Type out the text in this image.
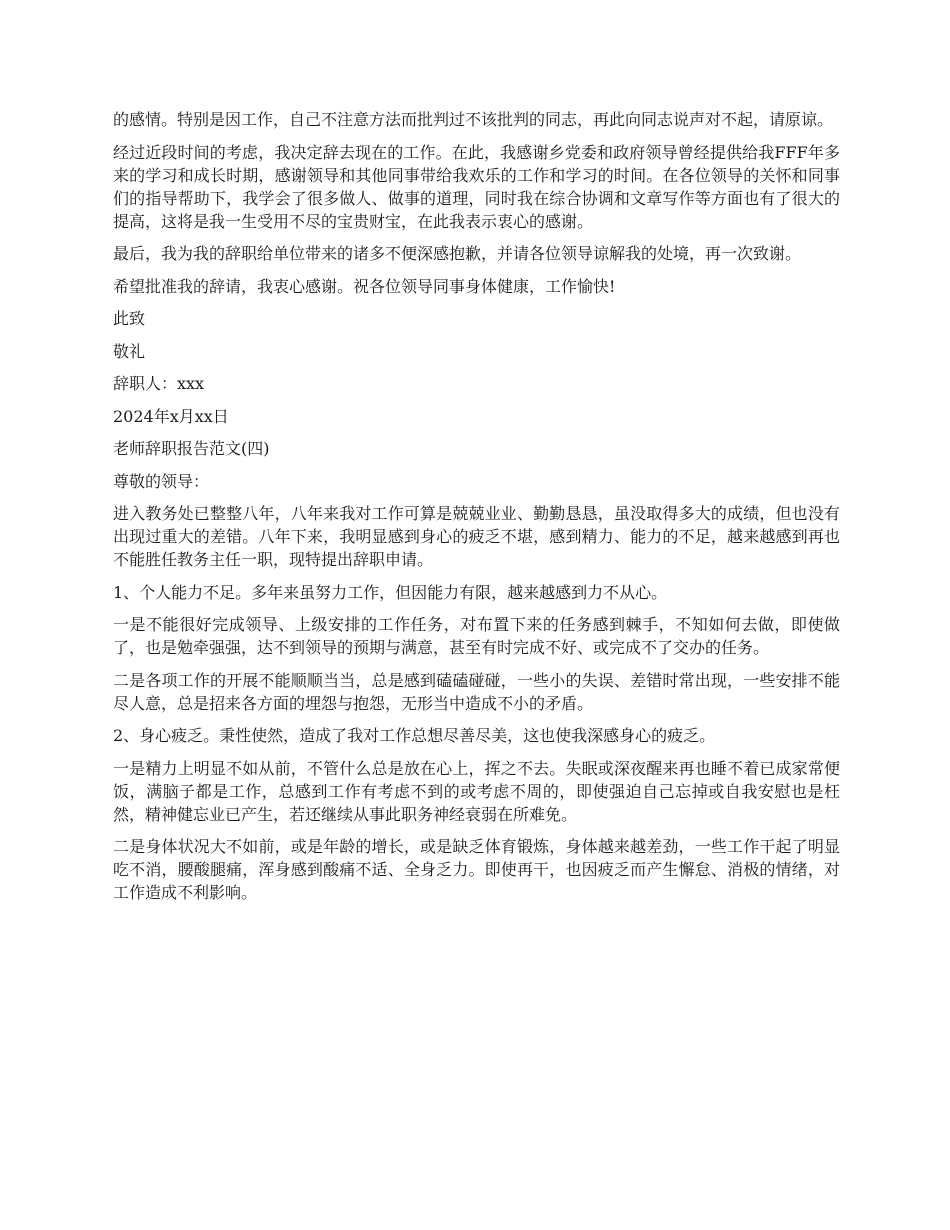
的感情。特别是因工作，自己不注意方法而批判过不该批判的同志，再此向同志说声对不起，请原谅。

经过近段时间的考虑，我决定辞去现在的工作。在此，我感谢乡党委和政府领导曾经提供给我FFF年多来的学习和成长时期，感谢领导和其他同事带给我欢乐的工作和学习的时间。在各位领导的关怀和同事们的指导帮助下，我学会了很多做人、做事的道理，同时我在综合协调和文章写作等方面也有了很大的提高，这将是我一生受用不尽的宝贵财宝，在此我表示衷心的感谢。

最后，我为我的辞职给单位带来的诸多不便深感抱歉，并请各位领导谅解我的处境，再一次致谢。

希望批准我的辞请，我衷心感谢。祝各位领导同事身体健康，工作愉快!

此致

敬礼

辞职人：xxx

2024年x月xx日

老师辞职报告范文(四)

尊敬的领导：

进入教务处已整整八年，八年来我对工作可算是兢兢业业、勤勤恳恳，虽没取得多大的成绩，但也没有出现过重大的差错。八年下来，我明显感到身心的疲乏不堪，感到精力、能力的不足，越来越感到再也不能胜任教务主任一职，现特提出辞职申请。

1、个人能力不足。多年来虽努力工作，但因能力有限，越来越感到力不从心。

一是不能很好完成领导、上级安排的工作任务，对布置下来的任务感到棘手，不知如何去做，即使做了，也是勉牵强强，达不到领导的预期与满意，甚至有时完成不好、或完成不了交办的任务。

二是各项工作的开展不能顺顺当当，总是感到磕磕碰碰，一些小的失误、差错时常出现，一些安排不能尽人意，总是招来各方面的埋怨与抱怨，无形当中造成不小的矛盾。

2、身心疲乏。秉性使然，造成了我对工作总想尽善尽美，这也使我深感身心的疲乏。

一是精力上明显不如从前，不管什么总是放在心上，挥之不去。失眠或深夜醒来再也睡不着已成家常便饭，满脑子都是工作，总感到工作有考虑不到的或考虑不周的，即使强迫自己忘掉或自我安慰也是枉然，精神健忘业已产生，若还继续从事此职务神经衰弱在所难免。

二是身体状况大不如前，或是年龄的增长，或是缺乏体育锻炼，身体越来越差劲，一些工作干起了明显吃不消，腰酸腿痛，浑身感到酸痛不适、全身乏力。即使再干，也因疲乏而产生懈怠、消极的情绪，对工作造成不利影响。
